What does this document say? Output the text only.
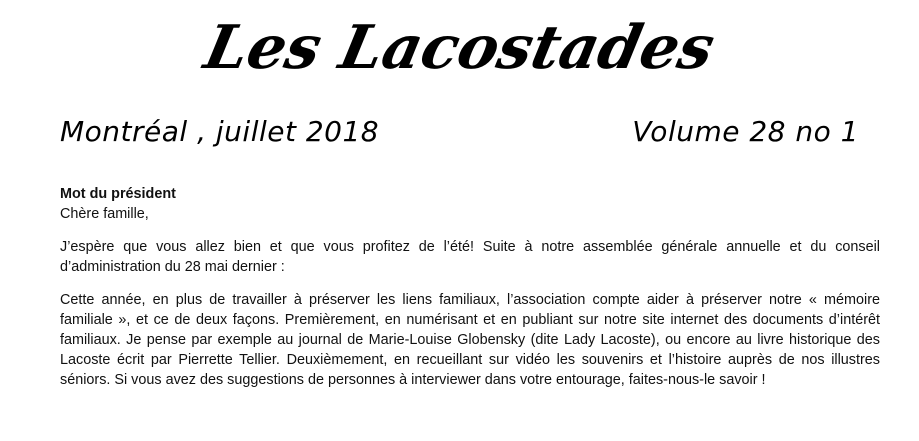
Les Lacostades
Montréal , juillet 2018	Volume 28 no 1

Mot du président

Chère famille,

J’espère que vous allez bien et que vous profitez de l’été! Suite à notre assemblée générale annuelle et du conseil d’administration du 28 mai dernier :

Cette année, en plus de travailler à préserver les liens familiaux, l’association compte aider à préserver notre « mémoire familiale », et ce de deux façons. Premièrement, en numérisant et en publiant sur notre site internet des documents d’intérêt familiaux. Je pense par exemple au journal de Marie-Louise Globensky (dite Lady Lacoste), ou encore au livre historique des Lacoste écrit par Pierrette Tellier. Deuxièmement, en recueillant sur vidéo les souvenirs et l’histoire auprès de nos illustres séniors. Si vous avez des suggestions de personnes à interviewer dans votre entourage, faites-nous-le savoir !
